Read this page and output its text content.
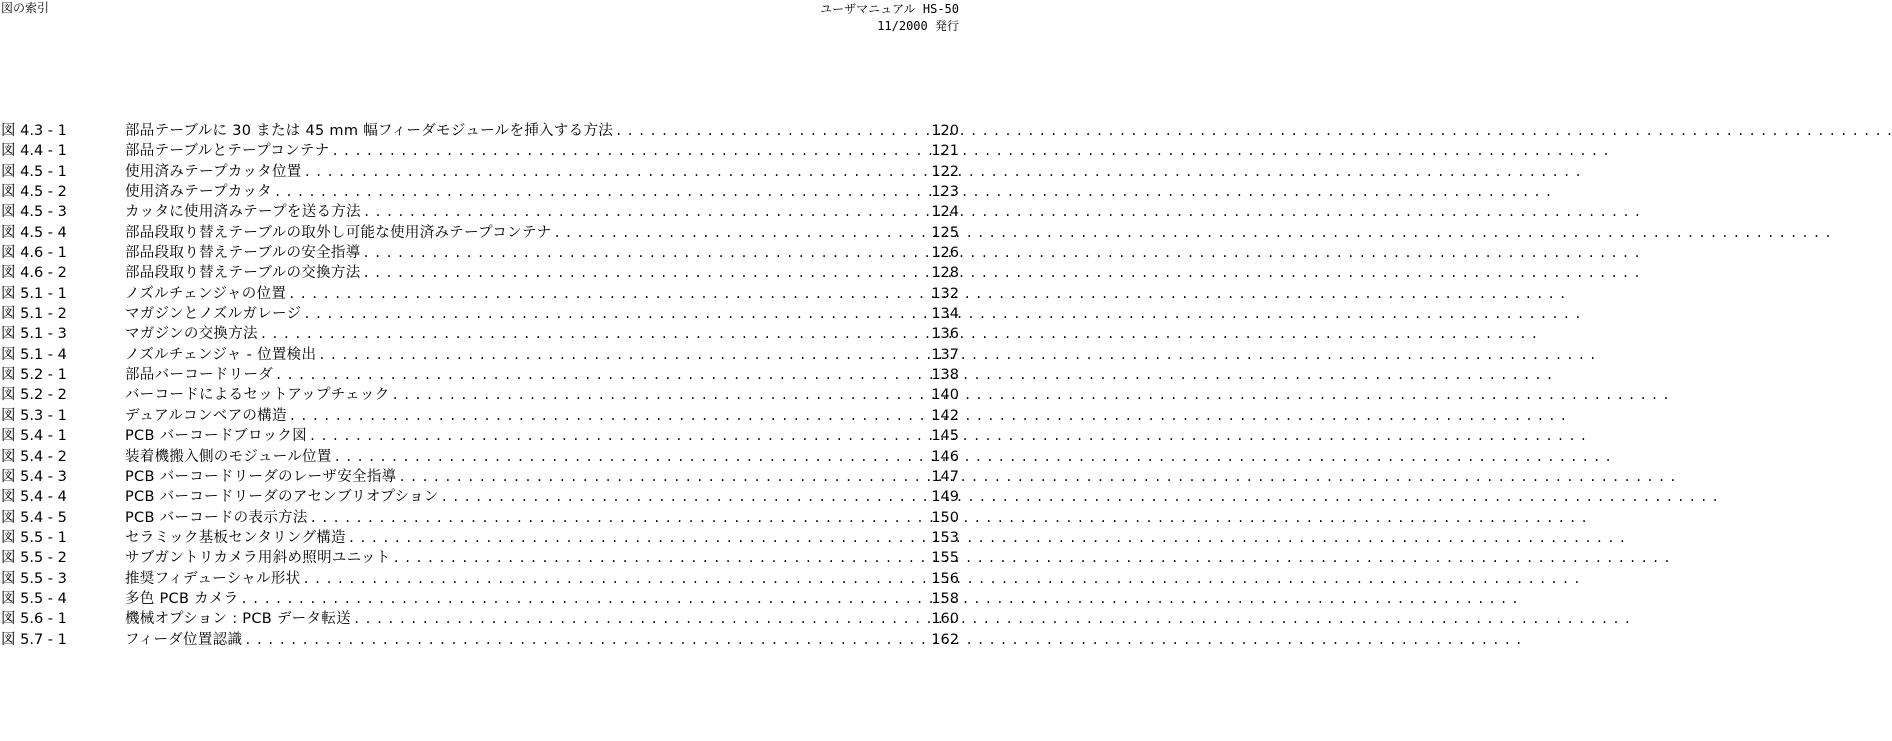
図の索引	ユーザマニュアル HS-50
11/2000 発行
図 4.3 - 1	部品テーブルに 30 または 45 mm 幅フィーダモジュールを挿入する方法 . . .	120
図 4.4 - 1	部品テーブルとテープコンテナ . . .	121
図 4.5 - 1	使用済みテープカッタ位置 . . .	122
図 4.5 - 2	使用済みテープカッタ . . .	123
図 4.5 - 3	カッタに使用済みテープを送る方法 . . .	124
図 4.5 - 4	部品段取り替えテーブルの取外し可能な使用済みテープコンテナ . . .	125
図 4.6 - 1	部品段取り替えテーブルの安全指導 . . .	126
図 4.6 - 2	部品段取り替えテーブルの交換方法 . . .	128
図 5.1 - 1	ノズルチェンジャの位置 . . .	132
図 5.1 - 2	マガジンとノズルガレージ . . .	134
図 5.1 - 3	マガジンの交換方法 . . .	136
図 5.1 - 4	ノズルチェンジャ - 位置検出 . . .	137
図 5.2 - 1	部品バーコードリーダ . . .	138
図 5.2 - 2	バーコードによるセットアップチェック . . .	140
図 5.3 - 1	デュアルコンベアの構造 . . .	142
図 5.4 - 1	PCB バーコードブロック図 . . .	145
図 5.4 - 2	装着機搬入側のモジュール位置 . . .	146
図 5.4 - 3	PCB バーコードリーダのレーザ安全指導 . . .	147
図 5.4 - 4	PCB バーコードリーダのアセンブリオプション . . .	149
図 5.4 - 5	PCB バーコードの表示方法 . . .	150
図 5.5 - 1	セラミック基板センタリング構造 . . .	153
図 5.5 - 2	サブガントリカメラ用斜め照明ユニット . . .	155
図 5.5 - 3	推奨フィデューシャル形状 . . .	156
図 5.5 - 4	多色 PCB カメラ . . .	158
図 5.6 - 1	機械オプション : PCB データ転送 . . .	160
図 5.7 - 1	フィーダ位置認識 . . .	162
